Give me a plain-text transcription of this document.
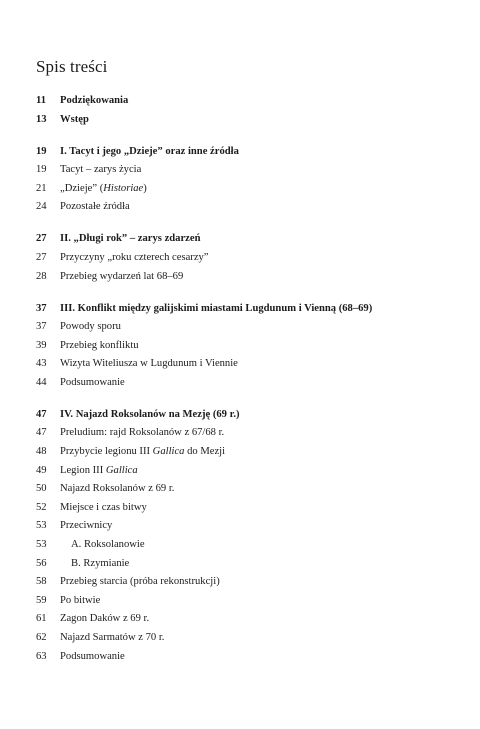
Spis treści
11	Podziękowania
13	Wstęp
19	I. Tacyt i jego „Dzieje” oraz inne źródła
19	Tacyt – zarys życia
21	„Dzieje” (Historiae)
24	Pozostałe źródła
27	II. „Długi rok” – zarys zdarzeń
27	Przyczyny „roku czterech cesarzy”
28	Przebieg wydarzeń lat 68–69
37	III. Konflikt między galijskimi miastami Lugdunum i Vienną (68–69)
37	Powody sporu
39	Przebieg konfliktu
43	Wizyta Witeliusza w Lugdunum i Viennie
44	Podsumowanie
47	IV. Najazd Roksolanów na Mezję (69 r.)
47	Preludium: rajd Roksolanów z 67/68 r.
48	Przybycie legionu III Gallica do Mezji
49	Legion III Gallica
50	Najazd Roksolanów z 69 r.
52	Miejsce i czas bitwy
53	Przeciwnicy
53	A. Roksolanowie
56	B. Rzymianie
58	Przebieg starcia (próba rekonstrukcji)
59	Po bitwie
61	Zagon Daków z 69 r.
62	Najazd Sarmatów z 70 r.
63	Podsumowanie
